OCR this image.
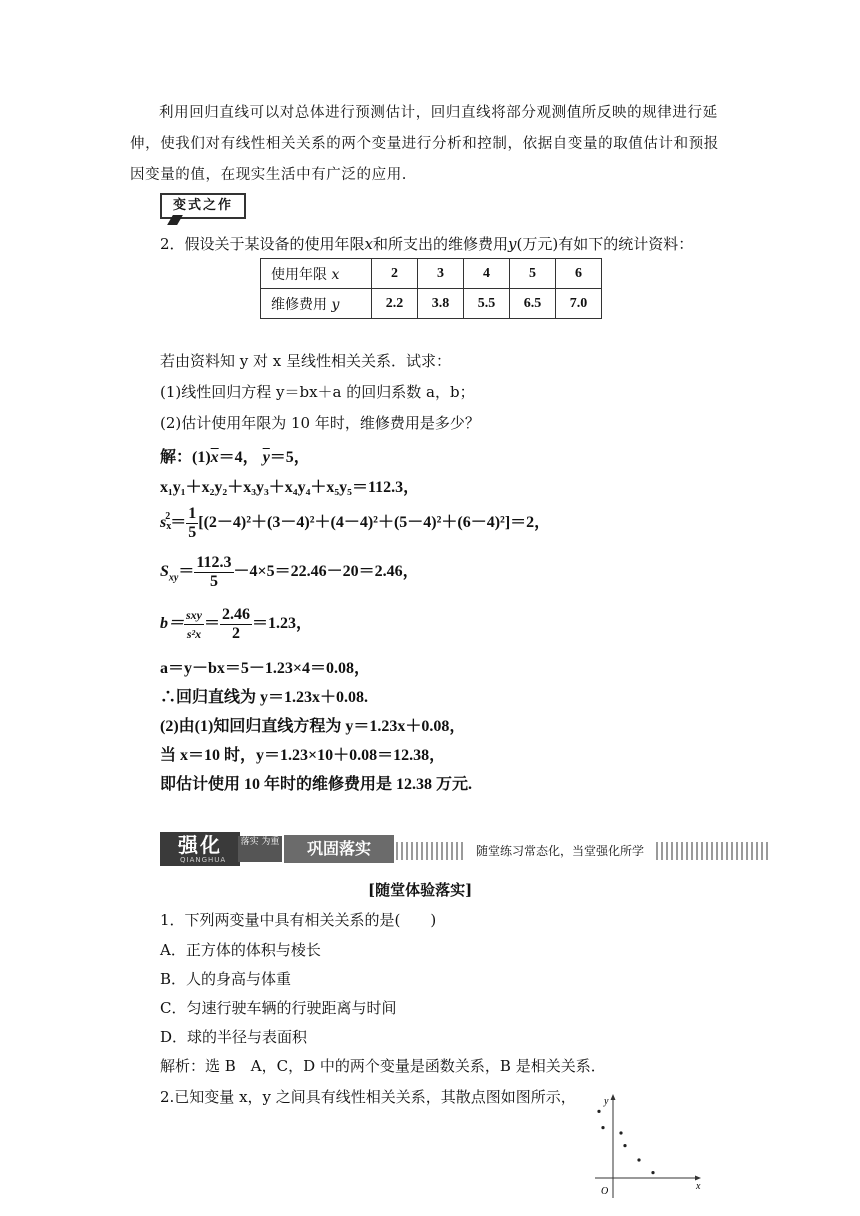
利用回归直线可以对总体进行预测估计，回归直线将部分观测值所反映的规律进行延伸，使我们对有线性相关关系的两个变量进行分析和控制，依据自变量的取值估计和预报因变量的值，在现实生活中有广泛的应用.
变式之作
2．假设关于某设备的使用年限x和所支出的维修费用y(万元)有如下的统计资料：
使用年限 x	2	3	4	5	6
维修费用 y	2.2	3.8	5.5	6.5	7.0
若由资料知 y 对 x 呈线性相关关系．试求：
(1)线性回归方程 y＝bx＋a 的回归系数 a，b；
(2)估计使用年限为 10 年时，维修费用是多少？
解：$(1)\overline{x}=4$， $\overline{y}=5$，
x₁y₁＋x₂y₂＋x₃y₃＋x₄y₄＋x₅y₅＝112.3，
$sx^2= \frac{1}{5} [(2-4)^2+(3-4)^2+(4-4)^2+(5-4)^2+(6-4)^2]=2$，
$S_{xy}= \frac{112.3}{5} -4\times 5=22.46-20=2.46$，
$b= \frac{\text{sxy}}{\text{s²x}} = \frac{2.46}{2} =1.23$，
a＝y－bx＝5－1.23×4＝0.08，
∴回归直线为 y＝1.23x＋0.08.
(2)由(1)知回归直线方程为 y＝1.23x＋0.08，
当 x＝10 时，y＝1.23×10＋0.08＝12.38，
即估计使用 10 年时的维修费用是 12.38 万元.
强化
QIANGHUA
落实 为重	巩固落实	随堂练习常态化，当堂强化所学
[随堂体验落实]
1．下列两变量中具有相关关系的是(　　)
A．正方体的体积与棱长
B．人的身高与体重
C．匀速行驶车辆的行驶距离与时间
D．球的半径与表面积
解析：选 B　A，C，D 中的两个变量是函数关系，B 是相关关系．
2.已知变量 x，y 之间具有线性相关关系，其散点图如图所示，	y
x
O
